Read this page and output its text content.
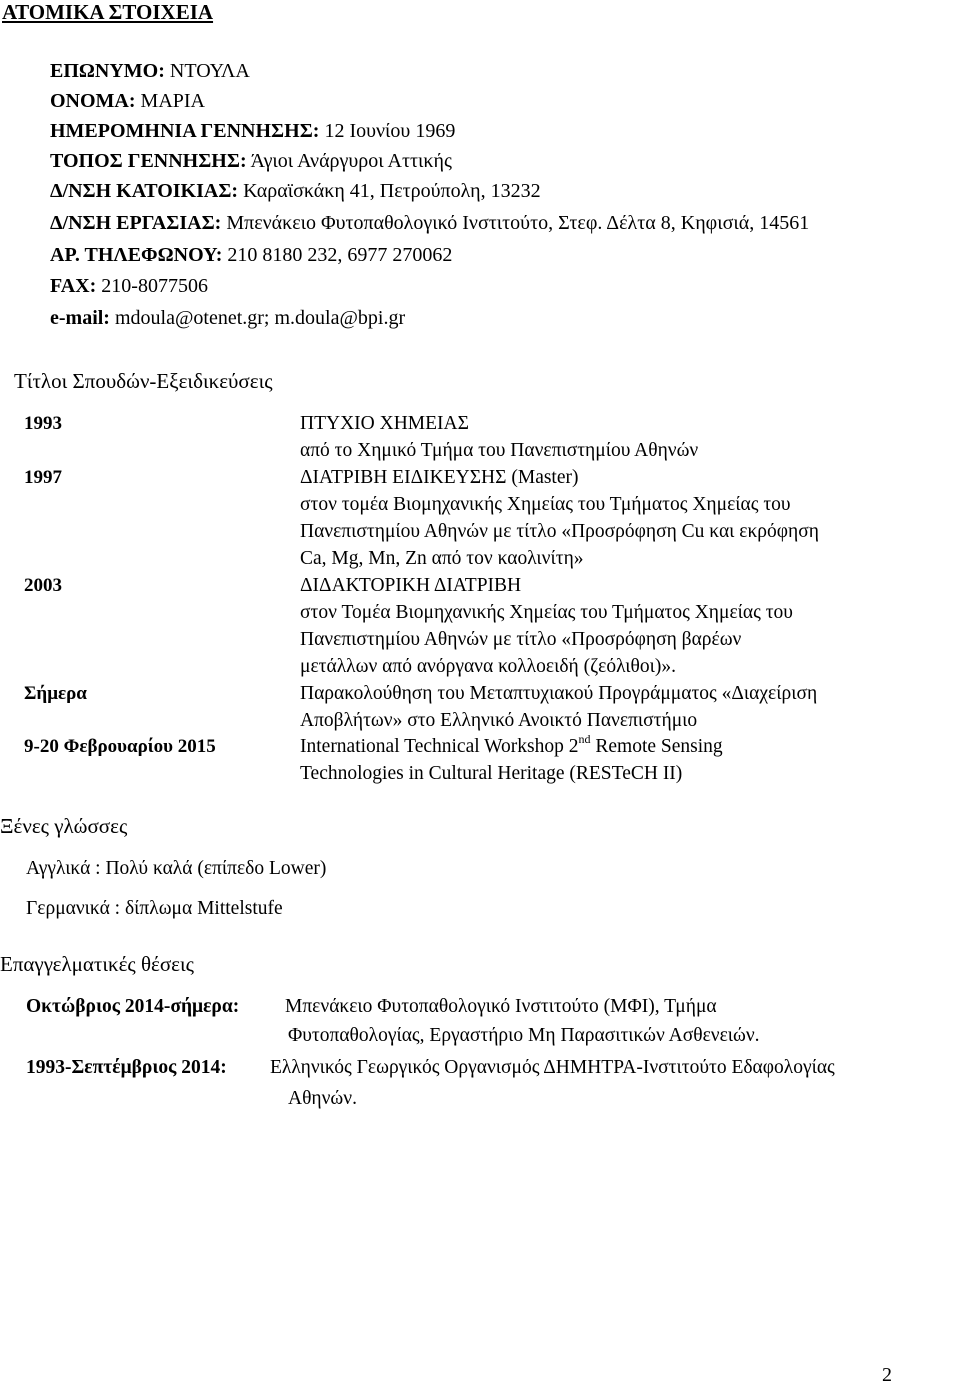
ΑΤΟΜΙΚΑ ΣΤΟΙΧΕΙΑ
ΕΠΩΝΥΜΟ: ΝΤΟΥΛΑ
ΟΝΟΜΑ: ΜΑΡΙΑ
ΗΜΕΡΟΜΗΝΙΑ ΓΕΝΝΗΣΗΣ: 12 Ιουνίου 1969
ΤΟΠΟΣ ΓΕΝΝΗΣΗΣ: Άγιοι Ανάργυροι Αττικής
Δ/ΝΣΗ ΚΑΤΟΙΚΙΑΣ: Καραϊσκάκη 41, Πετρούπολη, 13232
Δ/ΝΣΗ ΕΡΓΑΣΙΑΣ: Μπενάκειο Φυτοπαθολογικό Ινστιτούτο, Στεφ. Δέλτα 8, Κηφισιά, 14561
ΑΡ. ΤΗΛΕΦΩΝΟΥ: 210 8180 232, 6977 270062
FAX: 210-8077506
e-mail: mdoula@otenet.gr; m.doula@bpi.gr
Τίτλοι Σπουδών-Εξειδικεύσεις
1993	ΠΤΥΧΙΟ ΧΗΜΕΙΑΣ
από το Χημικό Τμήμα του Πανεπιστημίου Αθηνών
1997	ΔΙΑΤΡΙΒΗ ΕΙΔΙΚΕΥΣΗΣ (Master)
στον τομέα Βιομηχανικής Χημείας του Τμήματος Χημείας του
Πανεπιστημίου Αθηνών με τίτλο «Προσρόφηση Cu και εκρόφηση
Ca, Mg, Mn, Zn από τον καολινίτη»
2003	ΔΙΔΑΚΤΟΡΙΚΗ ΔΙΑΤΡΙΒΗ
στον Τομέα Βιομηχανικής Χημείας του Τμήματος Χημείας του
Πανεπιστημίου Αθηνών με τίτλο «Προσρόφηση βαρέων
μετάλλων από ανόργανα κολλοειδή (ζεόλιθοι)».
Σήμερα	Παρακολούθηση του Μεταπτυχιακού Προγράμματος «Διαχείριση
Αποβλήτων» στο Ελληνικό Ανοικτό Πανεπιστήμιο
9-20 Φεβρουαρίου 2015	International Technical Workshop 2nd Remote Sensing
Technologies in Cultural Heritage (RESTeCH II)
Ξένες γλώσσες
Αγγλικά : Πολύ καλά (επίπεδο Lower)
Γερμανικά : δίπλωμα Mittelstufe
Επαγγελματικές θέσεις
Οκτώβριος 2014-σήμερα: Μπενάκειο Φυτοπαθολογικό Ινστιτούτο (ΜΦΙ), Τμήμα
Φυτοπαθολογίας, Εργαστήριο Μη Παρασιτικών Ασθενειών.
1993-Σεπτέμβριος 2014: Ελληνικός Γεωργικός Οργανισμός ΔΗΜΗΤΡΑ-Ινστιτούτο Εδαφολογίας
Αθηνών.
2
